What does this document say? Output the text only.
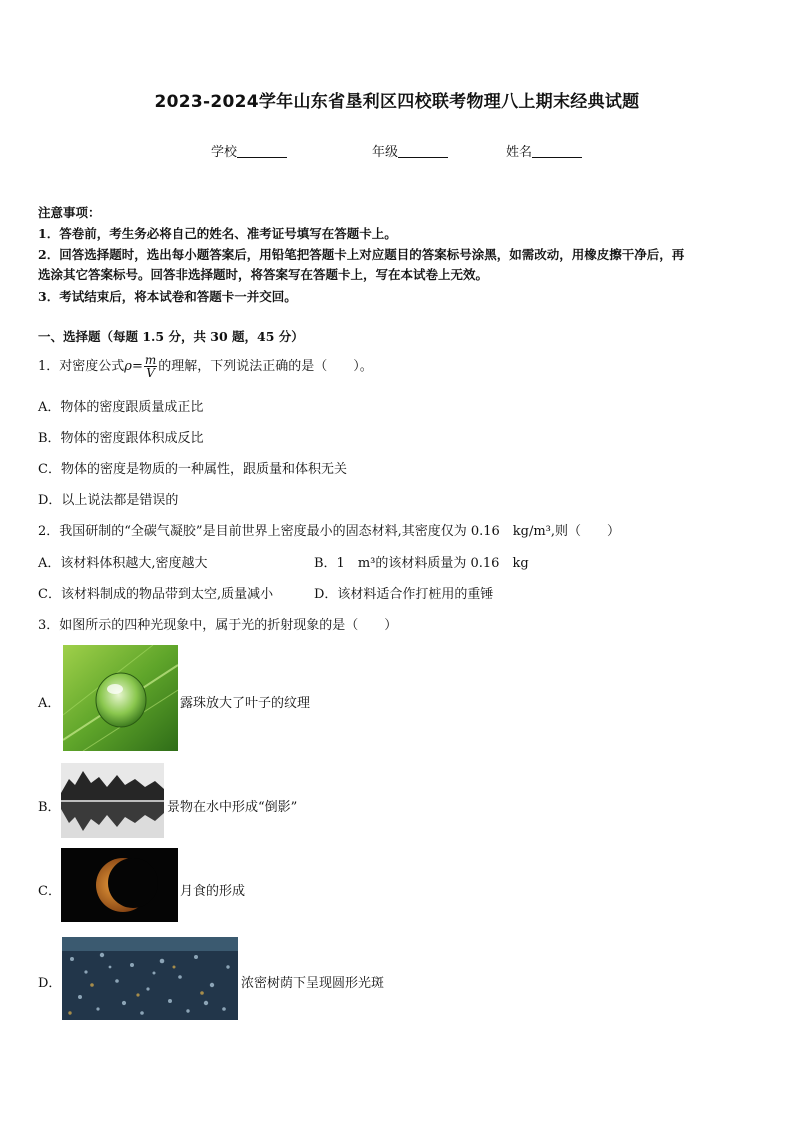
2023-2024学年山东省垦利区四校联考物理八上期末经典试题
学校	年级	姓名
注意事项：
1．答卷前，考生务必将自己的姓名、准考证号填写在答题卡上。
2．回答选择题时，选出每小题答案后，用铅笔把答题卡上对应题目的答案标号涂黑，如需改动，用橡皮擦干净后，再
选涂其它答案标号。回答非选择题时，将答案写在答题卡上，写在本试卷上无效。
3．考试结束后，将本试卷和答题卡一并交回。
一、选择题（每题 1.5 分，共 30 题，45 分）
1．对密度公式$\rho= \frac{m}{V}$ 的理解，下列说法正确的是（　　）。
A．物体的密度跟质量成正比
B．物体的密度跟体积成反比
C．物体的密度是物质的一种属性，跟质量和体积无关
D．以上说法都是错误的
2．我国研制的“全碳气凝胶”是目前世界上密度最小的固态材料,其密度仅为 0.16　kg/m³,则（　　）
A．该材料体积越大,密度越大	B．1　m³的该材料质量为 0.16　kg
C．该材料制成的物品带到太空,质量减小	D．该材料适合作打桩用的重锤
3．如图所示的四种光现象中，属于光的折射现象的是（　　）
A．	露珠放大了叶子的纹理
B．	景物在水中形成“倒影”
C．	月食的形成
D．	浓密树荫下呈现圆形光斑
